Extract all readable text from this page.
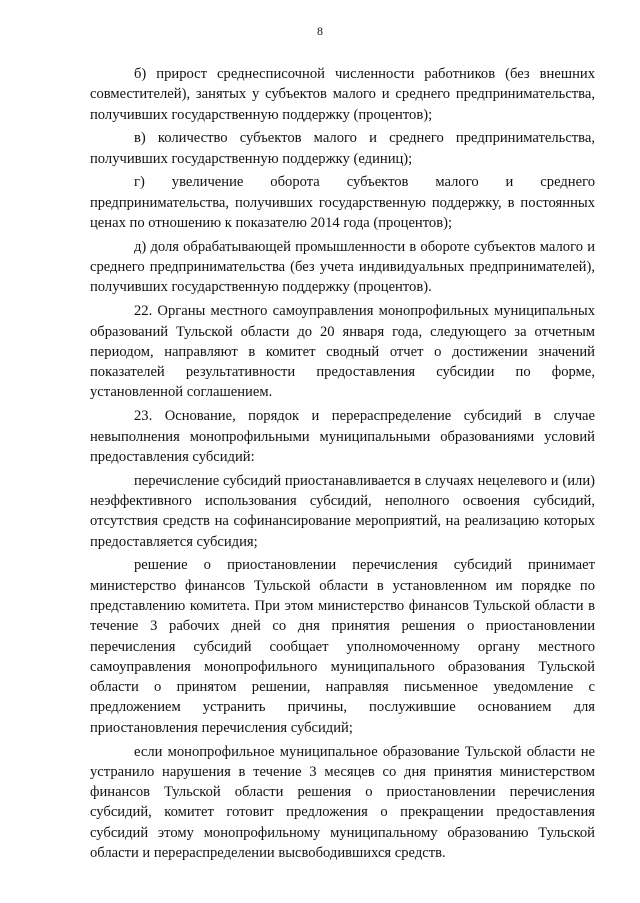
8

б) прирост среднесписочной численности работников (без внешних совместителей), занятых у субъектов малого и среднего предпринимательства, получивших государственную поддержку (процентов);

в) количество субъектов малого и среднего предпринимательства, получивших государственную поддержку (единиц);

г) увеличение оборота субъектов малого и среднего предпринимательства, получивших государственную поддержку, в постоянных ценах по отношению к показателю 2014 года (процентов);

д) доля обрабатывающей промышленности в обороте субъектов малого и среднего предпринимательства (без учета индивидуальных предпринимателей), получивших государственную поддержку (процентов).

22. Органы местного самоуправления монопрофильных муниципальных образований Тульской области до 20 января года, следующего за отчетным периодом, направляют в комитет сводный отчет о достижении значений показателей результативности предоставления субсидии по форме, установленной соглашением.

23. Основание, порядок и перераспределение субсидий в случае невыполнения монопрофильными муниципальными образованиями условий предоставления субсидий:

перечисление субсидий приостанавливается в случаях нецелевого и (или) неэффективного использования субсидий, неполного освоения субсидий, отсутствия средств на софинансирование мероприятий, на реализацию которых предоставляется субсидия;

решение о приостановлении перечисления субсидий принимает министерство финансов Тульской области в установленном им порядке по представлению комитета. При этом министерство финансов Тульской области в течение 3 рабочих дней со дня принятия решения о приостановлении перечисления субсидий сообщает уполномоченному органу местного самоуправления монопрофильного муниципального образования Тульской области о принятом решении, направляя письменное уведомление с предложением устранить причины, послужившие основанием для приостановления перечисления субсидий;

если монопрофильное муниципальное образование Тульской области не устранило нарушения в течение 3 месяцев со дня принятия министерством финансов Тульской области решения о приостановлении перечисления субсидий, комитет готовит предложения о прекращении предоставления субсидий этому монопрофильному муниципальному образованию Тульской области и перераспределении высвободившихся средств.
